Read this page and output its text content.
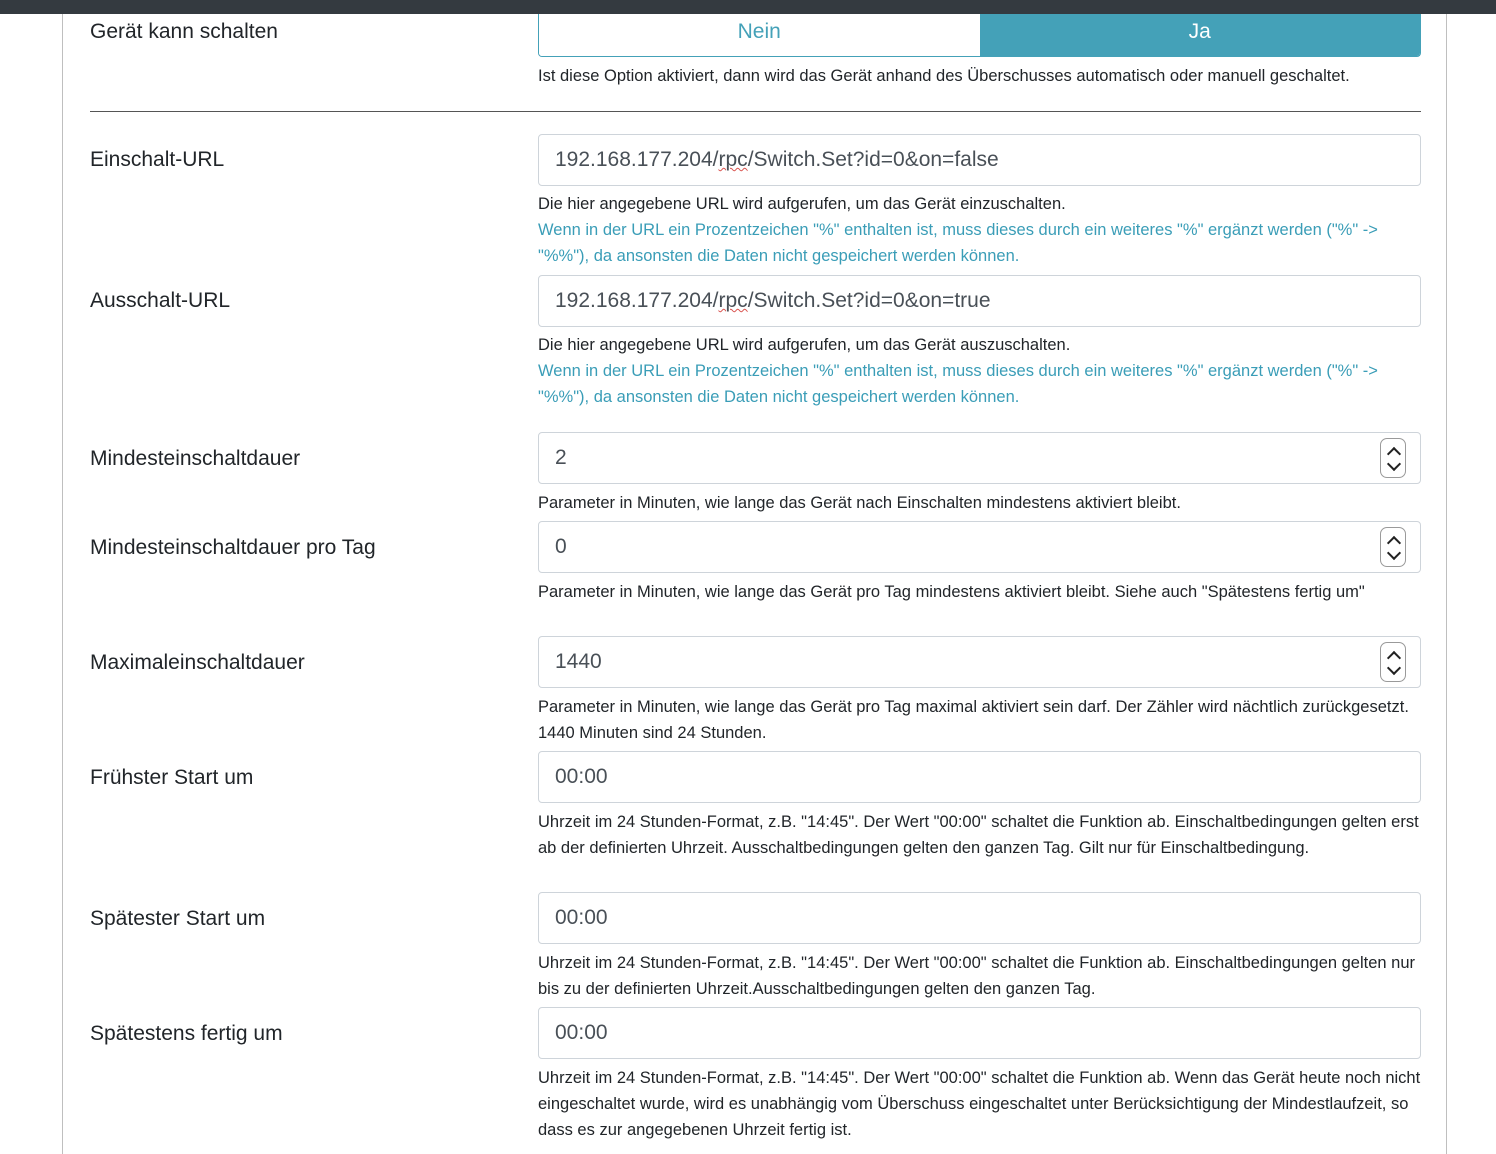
Gerät kann schalten	Nein	Ja
Ist diese Option aktiviert, dann wird das Gerät anhand des Überschusses automatisch oder manuell geschaltet.
Einschalt-URL	192.168.177.204/rpc/Switch.Set?id=0&on=false
Die hier angegebene URL wird aufgerufen, um das Gerät einzuschalten.
Wenn in der URL ein Prozentzeichen "%" enthalten ist, muss dieses durch ein weiteres "%" ergänzt werden ("%" -> "%%"), da ansonsten die Daten nicht gespeichert werden können.
Ausschalt-URL	192.168.177.204/rpc/Switch.Set?id=0&on=true
Die hier angegebene URL wird aufgerufen, um das Gerät auszuschalten.
Wenn in der URL ein Prozentzeichen "%" enthalten ist, muss dieses durch ein weiteres "%" ergänzt werden ("%" -> "%%"), da ansonsten die Daten nicht gespeichert werden können.
Mindesteinschaltdauer	2
Parameter in Minuten, wie lange das Gerät nach Einschalten mindestens aktiviert bleibt.
Mindesteinschaltdauer pro Tag	0
Parameter in Minuten, wie lange das Gerät pro Tag mindestens aktiviert bleibt. Siehe auch "Spätestens fertig um"
Maximaleinschaltdauer	1440
Parameter in Minuten, wie lange das Gerät pro Tag maximal aktiviert sein darf. Der Zähler wird nächtlich zurückgesetzt. 1440 Minuten sind 24 Stunden.
Frühster Start um	00:00
Uhrzeit im 24 Stunden-Format, z.B. "14:45". Der Wert "00:00" schaltet die Funktion ab. Einschaltbedingungen gelten erst ab der definierten Uhrzeit. Ausschaltbedingungen gelten den ganzen Tag. Gilt nur für Einschaltbedingung.
Spätester Start um	00:00
Uhrzeit im 24 Stunden-Format, z.B. "14:45". Der Wert "00:00" schaltet die Funktion ab. Einschaltbedingungen gelten nur bis zu der definierten Uhrzeit.Ausschaltbedingungen gelten den ganzen Tag.
Spätestens fertig um	00:00
Uhrzeit im 24 Stunden-Format, z.B. "14:45". Der Wert "00:00" schaltet die Funktion ab. Wenn das Gerät heute noch nicht eingeschaltet wurde, wird es unabhängig vom Überschuss eingeschaltet unter Berücksichtigung der Mindestlaufzeit, so dass es zur angegebenen Uhrzeit fertig ist.
